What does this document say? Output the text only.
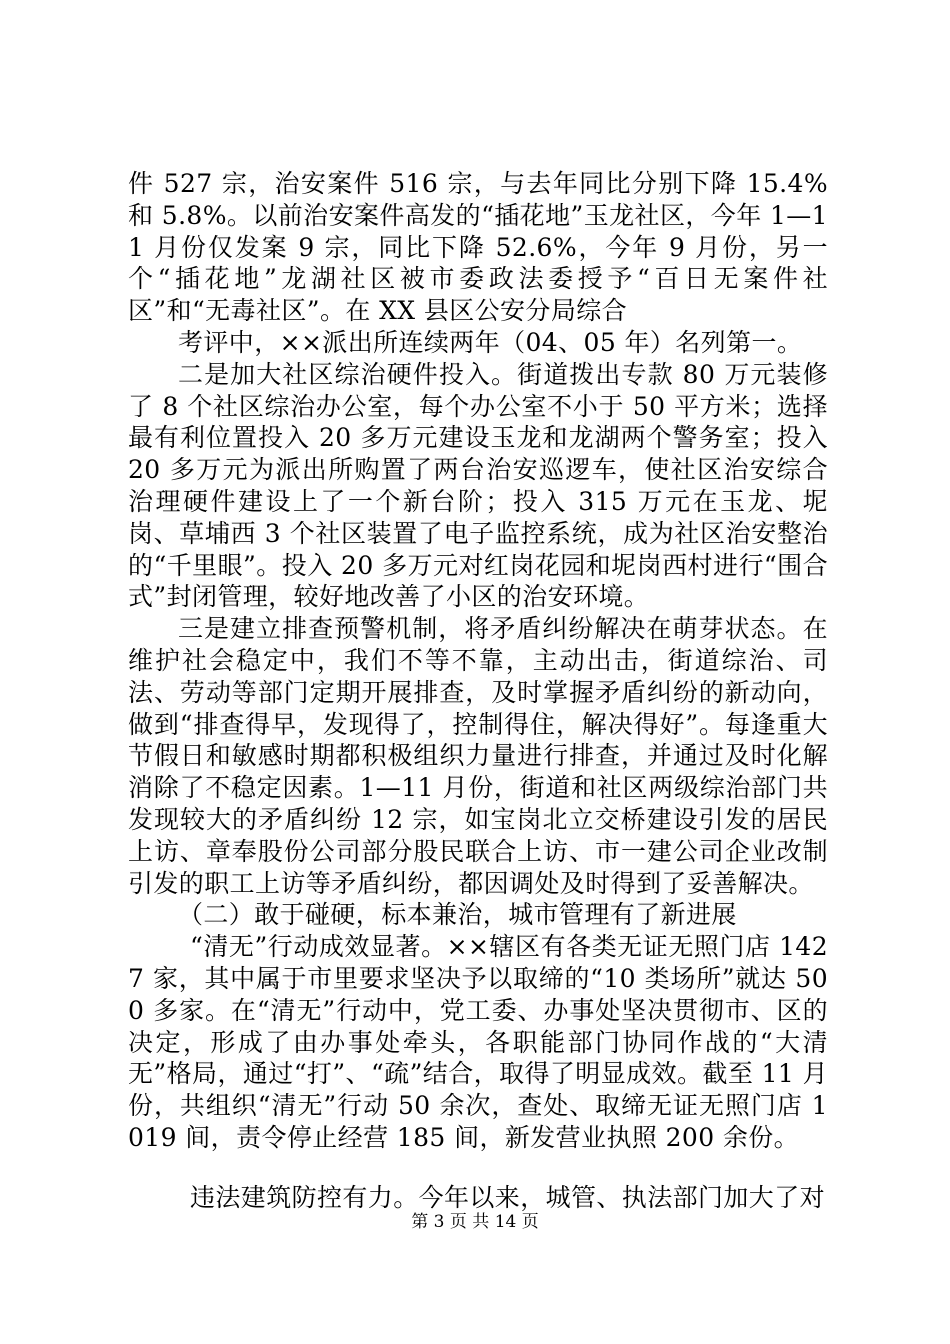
件 527 宗，治安案件 516 宗，与去年同比分别下降 15.4%和 5.8%。以前治安案件高发的“插花地”玉龙社区，今年 1—11 月份仅发案 9 宗，同比下降 52.6%，今年 9 月份，另一个“插花地”龙湖社区被市委政法委授予“百日无案件社区”和“无毒社区”。在 XX 县区公安分局综合

考评中，××派出所连续两年（04、05 年）名列第一。

二是加大社区综治硬件投入。街道拨出专款 80 万元装修了 8 个社区综治办公室，每个办公室不小于 50 平方米；选择最有利位置投入 20 多万元建设玉龙和龙湖两个警务室；投入 20 多万元为派出所购置了两台治安巡逻车，使社区治安综合治理硬件建设上了一个新台阶；投入 315 万元在玉龙、坭岗、草埔西 3 个社区装置了电子监控系统，成为社区治安整治的“千里眼”。投入 20 多万元对红岗花园和坭岗西村进行“围合式”封闭管理，较好地改善了小区的治安环境。

三是建立排查预警机制，将矛盾纠纷解决在萌芽状态。在维护社会稳定中，我们不等不靠，主动出击，街道综治、司法、劳动等部门定期开展排查，及时掌握矛盾纠纷的新动向，做到“排查得早，发现得了，控制得住，解决得好”。每逢重大节假日和敏感时期都积极组织力量进行排查，并通过及时化解消除了不稳定因素。1—11 月份，街道和社区两级综治部门共发现较大的矛盾纠纷 12 宗，如宝岗北立交桥建设引发的居民上访、章奉股份公司部分股民联合上访、市一建公司企业改制引发的职工上访等矛盾纠纷，都因调处及时得到了妥善解决。

（二）敢于碰硬，标本兼治，城市管理有了新进展

“清无”行动成效显著。××辖区有各类无证无照门店 1427 家，其中属于市里要求坚决予以取缔的“10 类场所”就达 500 多家。在“清无”行动中，党工委、办事处坚决贯彻市、区的决定，形成了由办事处牵头，各职能部门协同作战的“大清无”格局，通过“打”、“疏”结合，取得了明显成效。截至 11 月份，共组织“清无”行动 50 余次，查处、取缔无证无照门店 1019 间，责令停止经营 185 间，新发营业执照 200 余份。

违法建筑防控有力。今年以来，城管、执法部门加大了对

第 3 页 共 14 页
